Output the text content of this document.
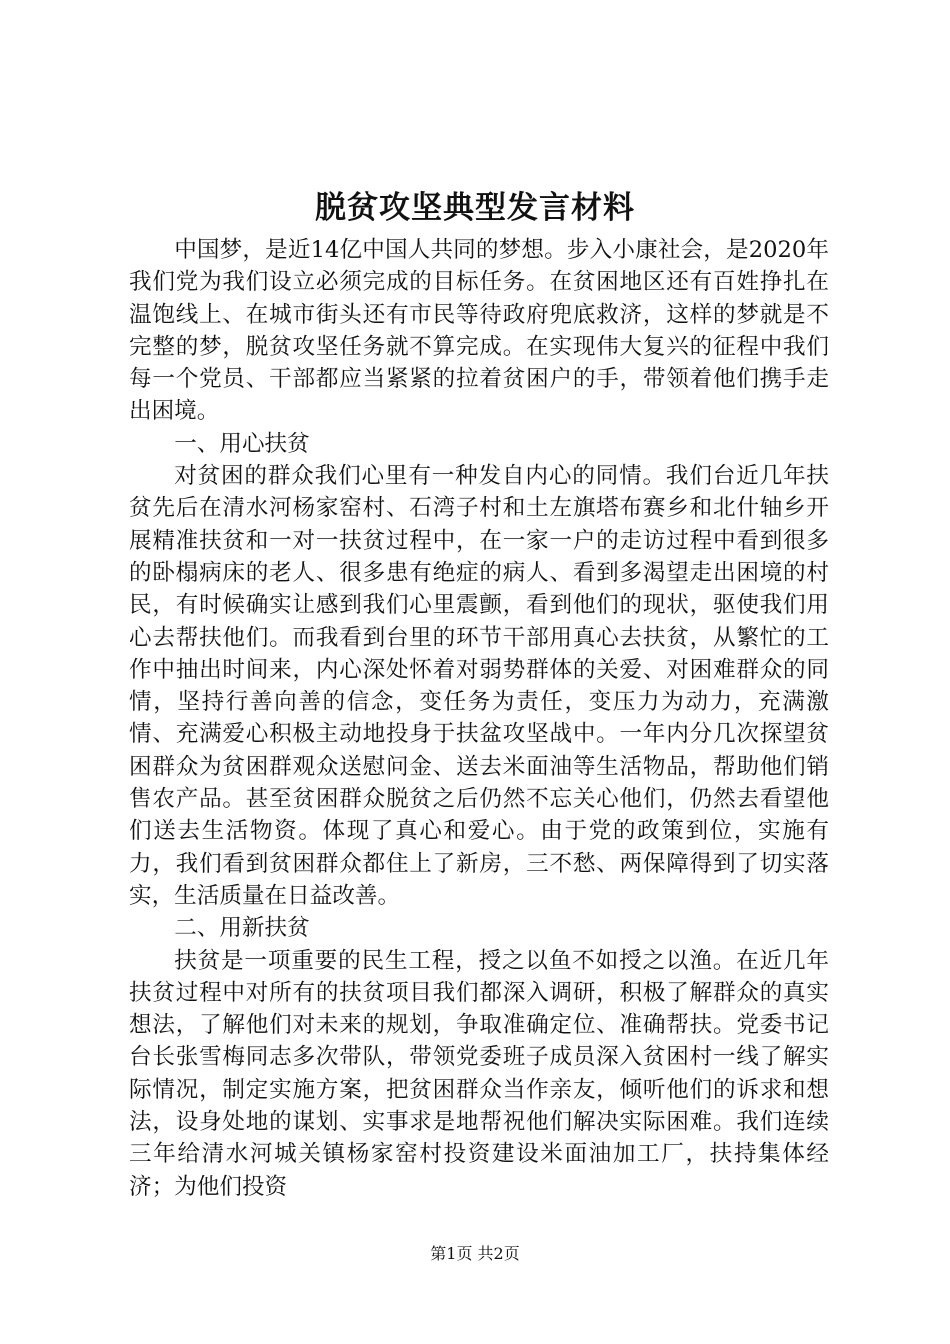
脱贫攻坚典型发言材料

中国梦，是近14亿中国人共同的梦想。步入小康社会，是2020年我们党为我们设立必须完成的目标任务。在贫困地区还有百姓挣扎在温饱线上、在城市街头还有市民等待政府兜底救济，这样的梦就是不完整的梦，脱贫攻坚任务就不算完成。在实现伟大复兴的征程中我们每一个党员、干部都应当紧紧的拉着贫困户的手，带领着他们携手走出困境。

一、用心扶贫

对贫困的群众我们心里有一种发自内心的同情。我们台近几年扶贫先后在清水河杨家窑村、石湾子村和土左旗塔布赛乡和北什轴乡开展精准扶贫和一对一扶贫过程中，在一家一户的走访过程中看到很多的卧榻病床的老人、很多患有绝症的病人、看到多渴望走出困境的村民，有时候确实让感到我们心里震颤，看到他们的现状，驱使我们用心去帮扶他们。而我看到台里的环节干部用真心去扶贫，从繁忙的工作中抽出时间来，内心深处怀着对弱势群体的关爱、对困难群众的同情，坚持行善向善的信念，变任务为责任，变压力为动力，充满激情、充满爱心积极主动地投身于扶盆攻坚战中。一年内分几次探望贫困群众为贫困群观众送慰问金、送去米面油等生活物品，帮助他们销售农产品。甚至贫困群众脱贫之后仍然不忘关心他们，仍然去看望他们送去生活物资。体现了真心和爱心。由于党的政策到位，实施有力，我们看到贫困群众都住上了新房，三不愁、两保障得到了切实落实，生活质量在日益改善。

二、用新扶贫

扶贫是一项重要的民生工程，授之以鱼不如授之以渔。在近几年扶贫过程中对所有的扶贫项目我们都深入调研，积极了解群众的真实想法，了解他们对未来的规划，争取准确定位、准确帮扶。党委书记台长张雪梅同志多次带队，带领党委班子成员深入贫困村一线了解实际情况，制定实施方案，把贫困群众当作亲友，倾听他们的诉求和想法，设身处地的谋划、实事求是地帮祝他们解决实际困难。我们连续三年给清水河城关镇杨家窑村投资建设米面油加工厂，扶持集体经济；为他们投资

第1页 共2页
